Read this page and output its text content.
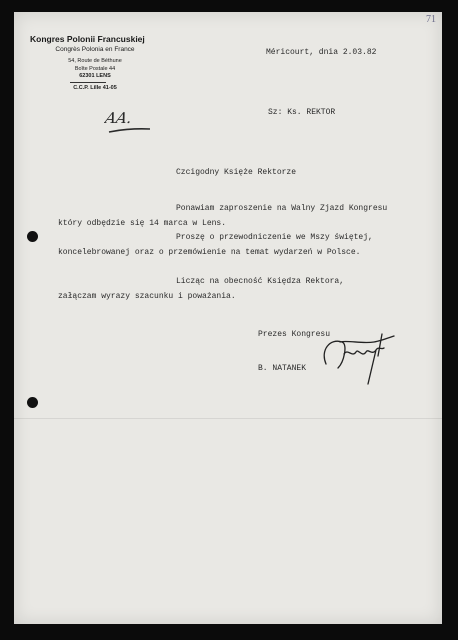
71
Kongres Polonii Francuskiej
Congrès Polonia en France
54, Route de Béthune
Boîte Postale 44
62301 LENS
C.C.P. Lille 41-05
AA.
Méricourt, dnia 2.03.82
Sz: Ks. REKTOR
Czcigodny Księże Rektorze
Ponawiam zaproszenie na Walny Zjazd Kongresu
który odbędzie się 14 marca w Lens.
Proszę o przewodniczenie we Mszy świętej,
koncelebrowanej oraz o przemówienie na temat wydarzeń w Polsce.
Licząc na obecność Księdza Rektora,
załączam wyrazy szacunku i poważania.
Prezes Kongresu
B. NATANEK
